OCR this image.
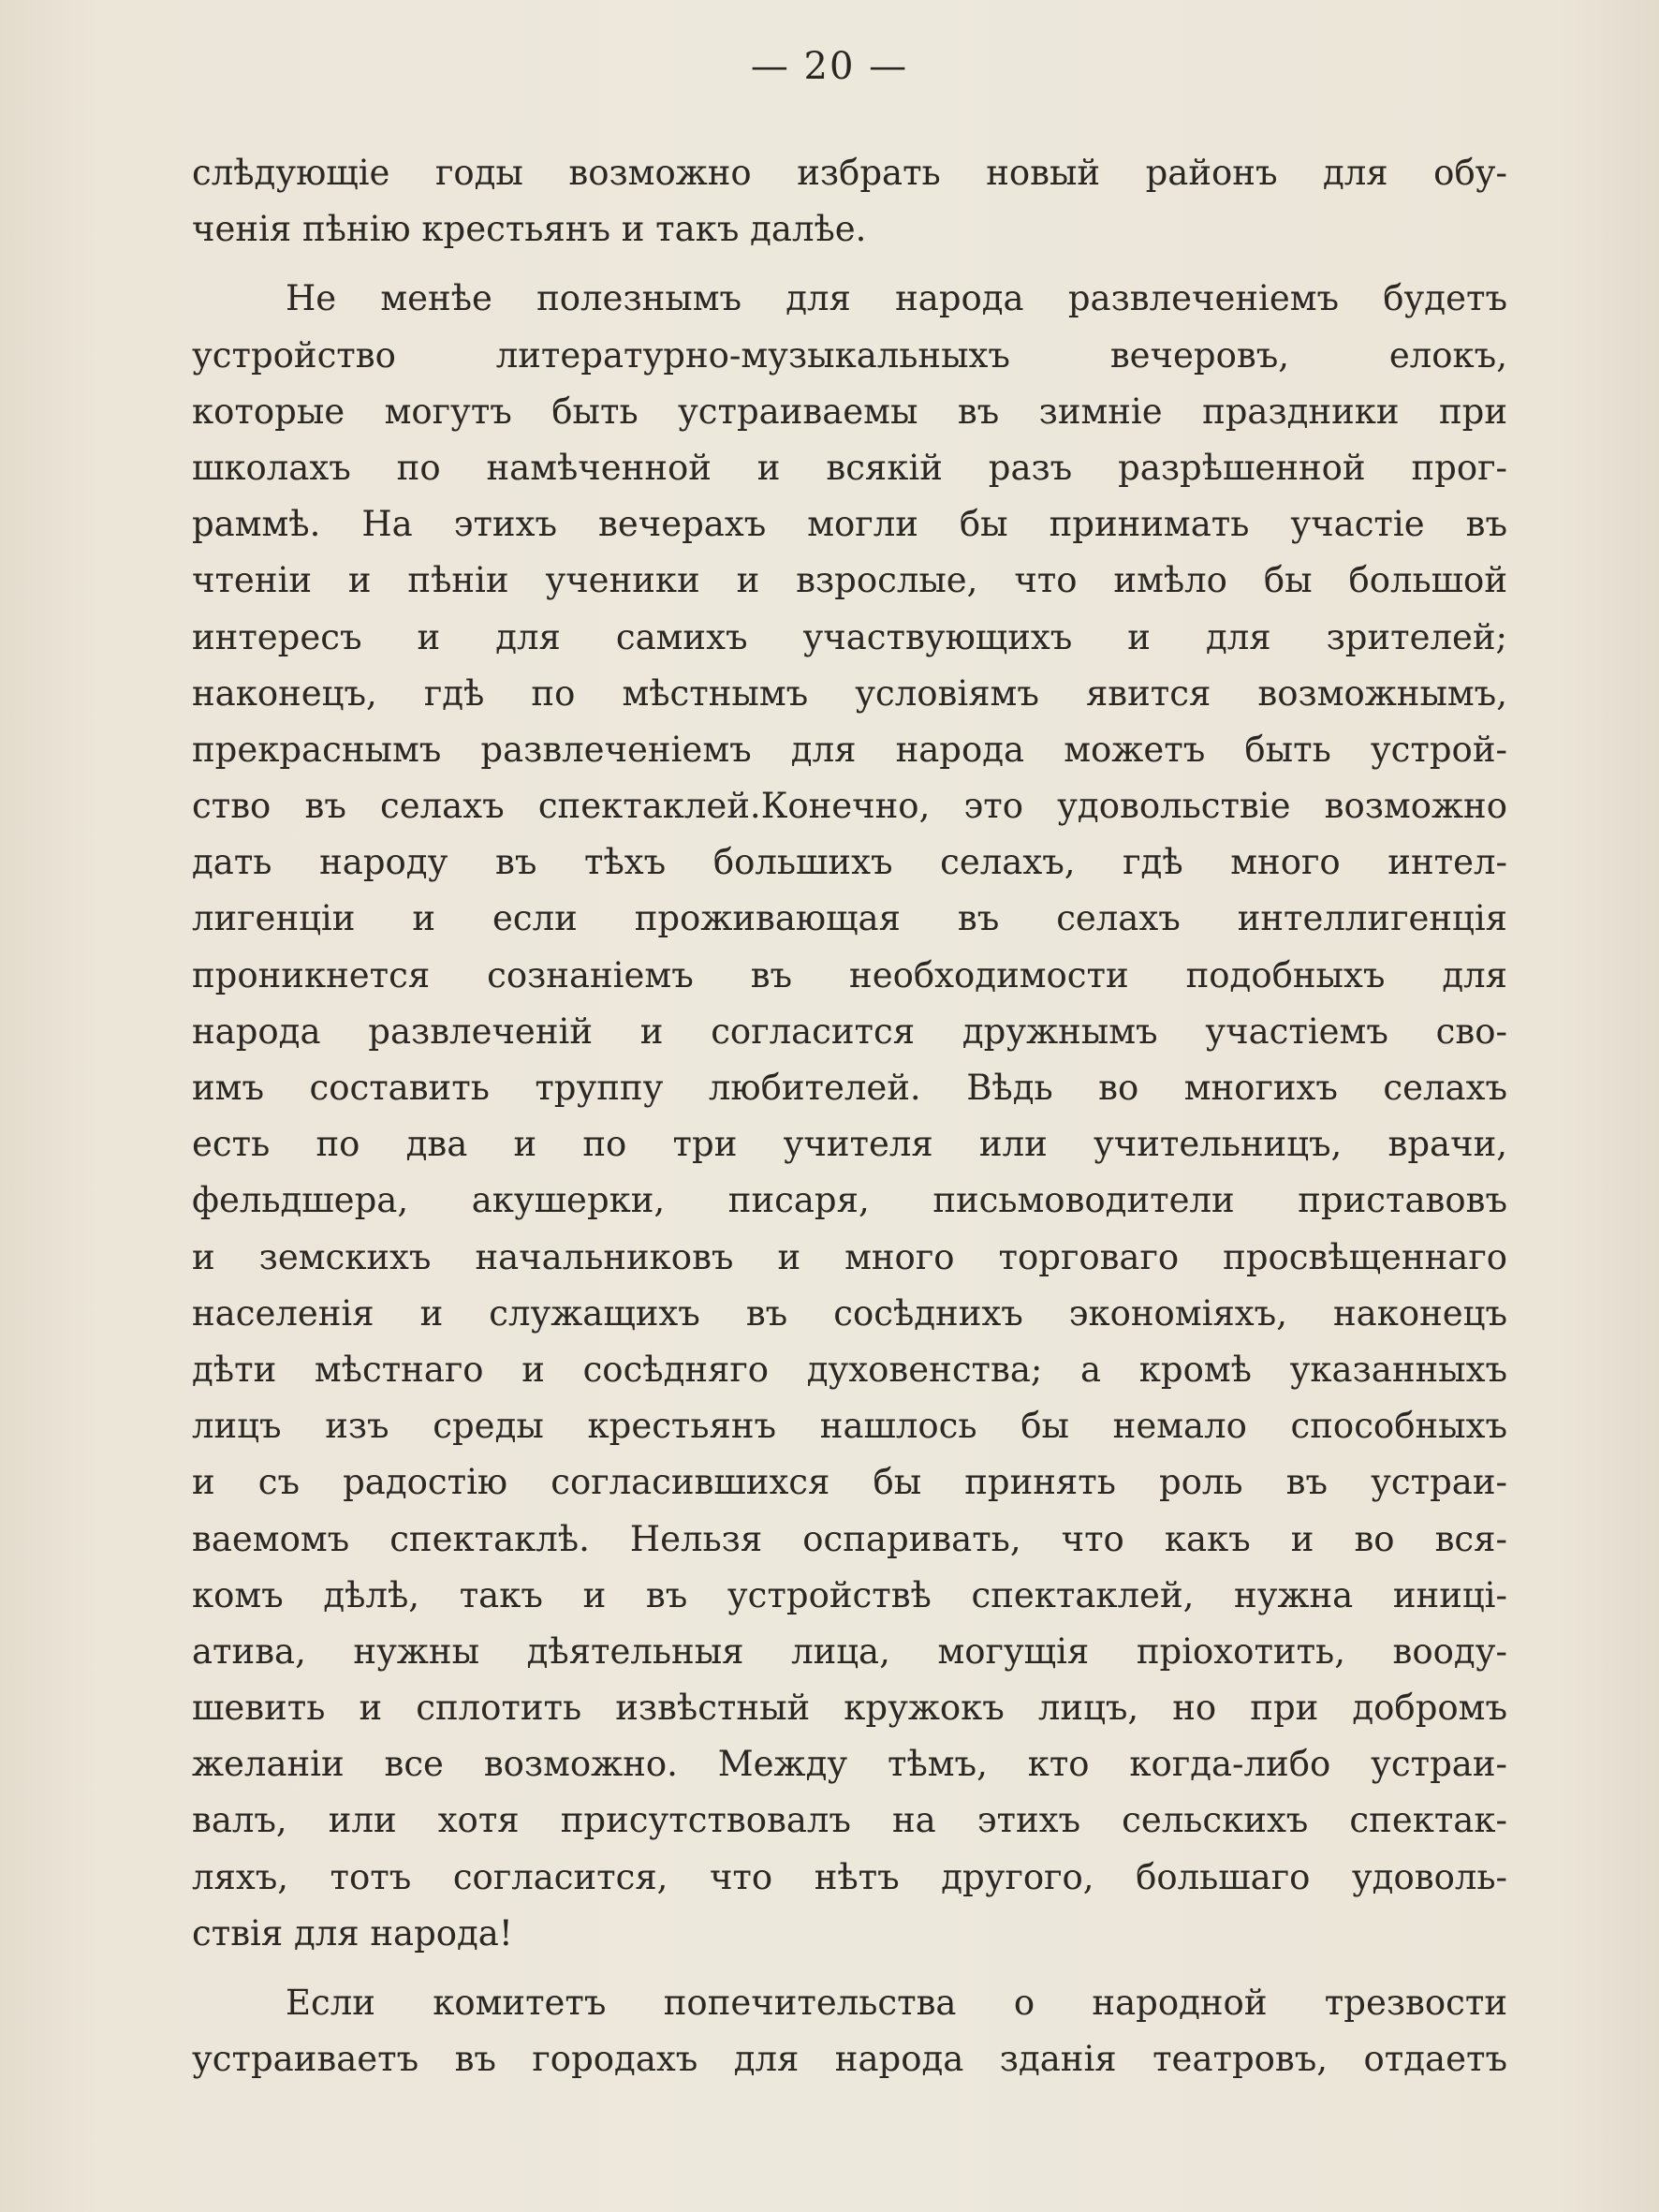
— 20 —
слѣдующіе годы возможно избрать новый районъ для обу-
ченія пѣнію крестьянъ и такъ далѣе.
Не менѣе полезнымъ для народа развлеченіемъ будетъ
устройство литературно-музыкальныхъ вечеровъ, елокъ,
которые могутъ быть устраиваемы въ зимніе праздники при
школахъ по намѣченной и всякій разъ разрѣшенной прог-
раммѣ. На этихъ вечерахъ могли бы принимать участіе въ
чтеніи и пѣніи ученики и взрослые, что имѣло бы большой
интересъ и для самихъ участвующихъ и для зрителей;
наконецъ, гдѣ по мѣстнымъ условіямъ явится возможнымъ,
прекраснымъ развлеченіемъ для народа можетъ быть устрой-
ство въ селахъ спектаклей.Конечно, это удовольствіе возможно
дать народу въ тѣхъ большихъ селахъ, гдѣ много интел-
лигенціи и если проживающая въ селахъ интеллигенція
проникнется сознаніемъ въ необходимости подобныхъ для
народа развлеченій и согласится дружнымъ участіемъ сво-
имъ составить труппу любителей. Вѣдь во многихъ селахъ
есть по два и по три учителя или учительницъ, врачи,
фельдшера, акушерки, писаря, письмоводители приставовъ
и земскихъ начальниковъ и много торговаго просвѣщеннаго
населенія и служащихъ въ сосѣднихъ экономіяхъ, наконецъ
дѣти мѣстнаго и сосѣдняго духовенства; а кромѣ указанныхъ
лицъ изъ среды крестьянъ нашлось бы немало способныхъ
и съ радостію согласившихся бы принять роль въ устраи-
ваемомъ спектаклѣ. Нельзя оспаривать, что какъ и во вся-
комъ дѣлѣ, такъ и въ устройствѣ спектаклей, нужна иниці-
атива, нужны дѣятельныя лица, могущія пріохотить, вооду-
шевить и сплотить извѣстный кружокъ лицъ, но при добромъ
желаніи все возможно. Между тѣмъ, кто когда-либо устраи-
валъ, или хотя присутствовалъ на этихъ сельскихъ спектак-
ляхъ, тотъ согласится, что нѣтъ другого, большаго удоволь-
ствія для народа!
Если комитетъ попечительства о народной трезвости
устраиваетъ въ городахъ для народа зданія театровъ, отдаетъ
